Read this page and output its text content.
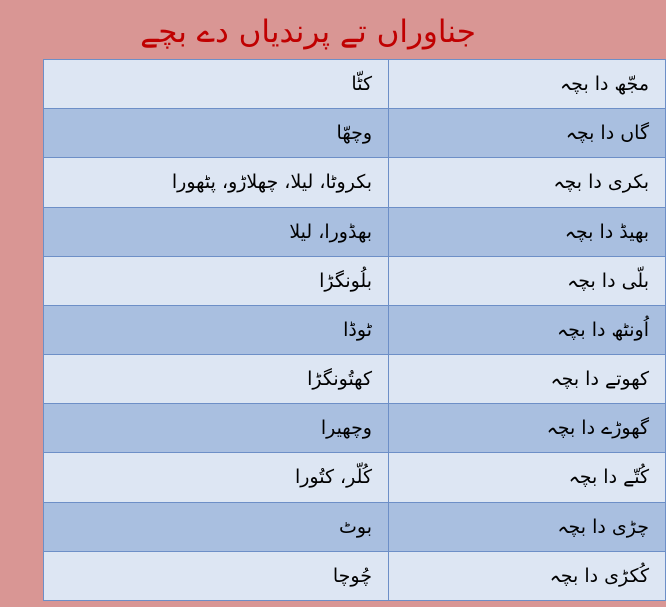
جناوراں تے پرندیاں دے بچے
مجّھ دا بچہ	کٹّا
گاں دا بچہ	وچھّا
بکری دا بچہ	بکروٹا، لیلا، چھلاڑو، پٹھورا
بھیڈ دا بچہ	بھڈورا، لیلا
بلّی دا بچہ	بلُونگڑا
اُونٹھ دا بچہ	ٹوڈا
کھوتے دا بچہ	کھتُونگڑا
گھوڑے دا بچہ	وچھیرا
کُتّے دا بچہ	کُلّر، کتُورا
چڑی دا بچہ	بوٹ
کُکڑی دا بچہ	چُوچا
